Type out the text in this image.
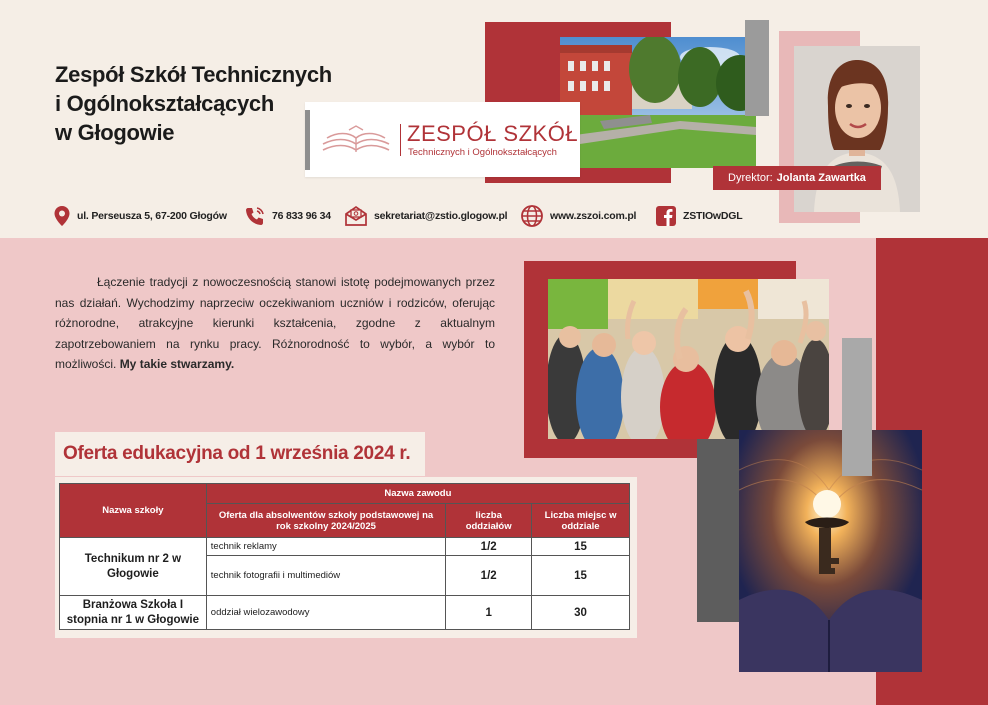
Zespół Szkół Technicznych
i Ogólnokształcących
w Głogowie	ZESPÓŁ SZKÓŁ
Technicznych i Ogólnokształcących
Dyrektor: Jolanta Zawartka
ul. Perseusza 5, 67-200 Głogów	76 833 96 34	sekretariat@zstio.glogow.pl	www.zszoi.com.pl	ZSTIOwDGL
Łączenie tradycji z nowoczesnością stanowi istotę podejmowanych przez nas działań. Wychodzimy naprzeciw oczekiwaniom uczniów i rodziców, oferując różnorodne, atrakcyjne kierunki kształcenia, zgodne z aktualnym zapotrzebowaniem na rynku pracy. Różnorodność to wybór, a wybór to możliwości. My takie stwarzamy.
Oferta edukacyjna od 1 września 2024 r.
Nazwa szkoły	Nazwa zawodu		
	Oferta dla absolwentów szkoły podstawowej na rok szkolny 2024/2025	liczba oddziałów	Liczba miejsc w oddziale
Technikum nr 2 w Głogowie	technik reklamy	1/2	15
	technik fotografii i multimediów	1/2	15
Branżowa Szkoła I stopnia nr 1 w Głogowie	oddział wielozawodowy	1	30
